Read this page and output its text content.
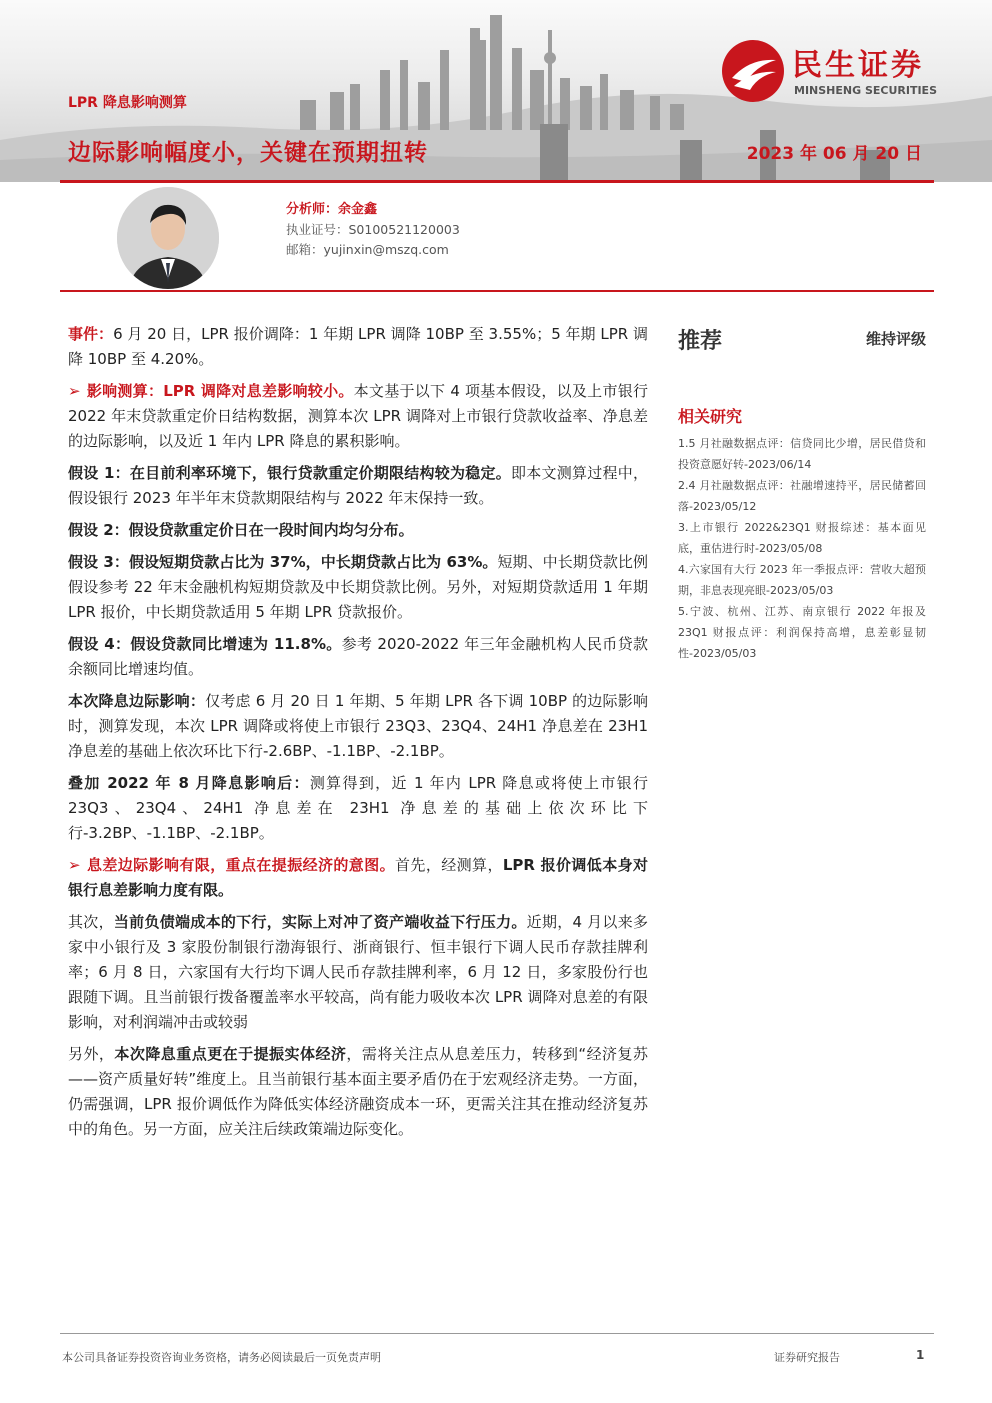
LPR 降息影响测算
边际影响幅度小，关键在预期扭转	2023 年 06 月 20 日
民生证券
MINSHENG SECURITIES
分析师：余金鑫
执业证号：S0100521120003
邮箱：yujinxin@mszq.com

事件：6 月 20 日，LPR 报价调降：1 年期 LPR 调降 10BP 至 3.55%；5 年期 LPR 调降 10BP 至 4.20%。

➢ 影响测算：LPR 调降对息差影响较小。本文基于以下 4 项基本假设，以及上市银行 2022 年末贷款重定价日结构数据，测算本次 LPR 调降对上市银行贷款收益率、净息差的边际影响，以及近 1 年内 LPR 降息的累积影响。

假设 1：在目前利率环境下，银行贷款重定价期限结构较为稳定。即本文测算过程中，假设银行 2023 年半年末贷款期限结构与 2022 年末保持一致。

假设 2：假设贷款重定价日在一段时间内均匀分布。

假设 3：假设短期贷款占比为 37%，中长期贷款占比为 63%。短期、中长期贷款比例假设参考 22 年末金融机构短期贷款及中长期贷款比例。另外，对短期贷款适用 1 年期 LPR 报价，中长期贷款适用 5 年期 LPR 贷款报价。

假设 4：假设贷款同比增速为 11.8%。参考 2020-2022 年三年金融机构人民币贷款余额同比增速均值。

本次降息边际影响：仅考虑 6 月 20 日 1 年期、5 年期 LPR 各下调 10BP 的边际影响时，测算发现，本次 LPR 调降或将使上市银行 23Q3、23Q4、24H1 净息差在 23H1 净息差的基础上依次环比下行-2.6BP、-1.1BP、-2.1BP。

叠加 2022 年 8 月降息影响后：测算得到，近 1 年内 LPR 降息或将使上市银行 23Q3、23Q4、24H1 净息差在 23H1 净息差的基础上依次环比下行-3.2BP、-1.1BP、-2.1BP。

➢ 息差边际影响有限，重点在提振经济的意图。首先，经测算，LPR 报价调低本身对银行息差影响力度有限。

其次，当前负债端成本的下行，实际上对冲了资产端收益下行压力。近期，4 月以来多家中小银行及 3 家股份制银行渤海银行、浙商银行、恒丰银行下调人民币存款挂牌利率；6 月 8 日，六家国有大行均下调人民币存款挂牌利率，6 月 12 日，多家股份行也跟随下调。且当前银行拨备覆盖率水平较高，尚有能力吸收本次 LPR 调降对息差的有限影响，对利润端冲击或较弱

另外，本次降息重点更在于提振实体经济，需将关注点从息差压力，转移到“经济复苏——资产质量好转”维度上。且当前银行基本面主要矛盾仍在于宏观经济走势。一方面，仍需强调，LPR 报价调低作为降低实体经济融资成本一环，更需关注其在推动经济复苏中的角色。另一方面，应关注后续政策端边际变化。

推荐	维持评级
相关研究
1.5 月社融数据点评：信贷同比少增，居民借贷和投资意愿好转-2023/06/14
2.4 月社融数据点评：社融增速持平，居民储蓄回落-2023/05/12
3.上市银行 2022&23Q1 财报综述：基本面见底，重估进行时-2023/05/08
4.六家国有大行 2023 年一季报点评：营收大超预期，非息表现亮眼-2023/05/03
5.宁波、杭州、江苏、南京银行 2022 年报及 23Q1 财报点评：利润保持高增，息差彰显韧性-2023/05/03
本公司具备证券投资咨询业务资格，请务必阅读最后一页免责声明	证券研究报告	1
